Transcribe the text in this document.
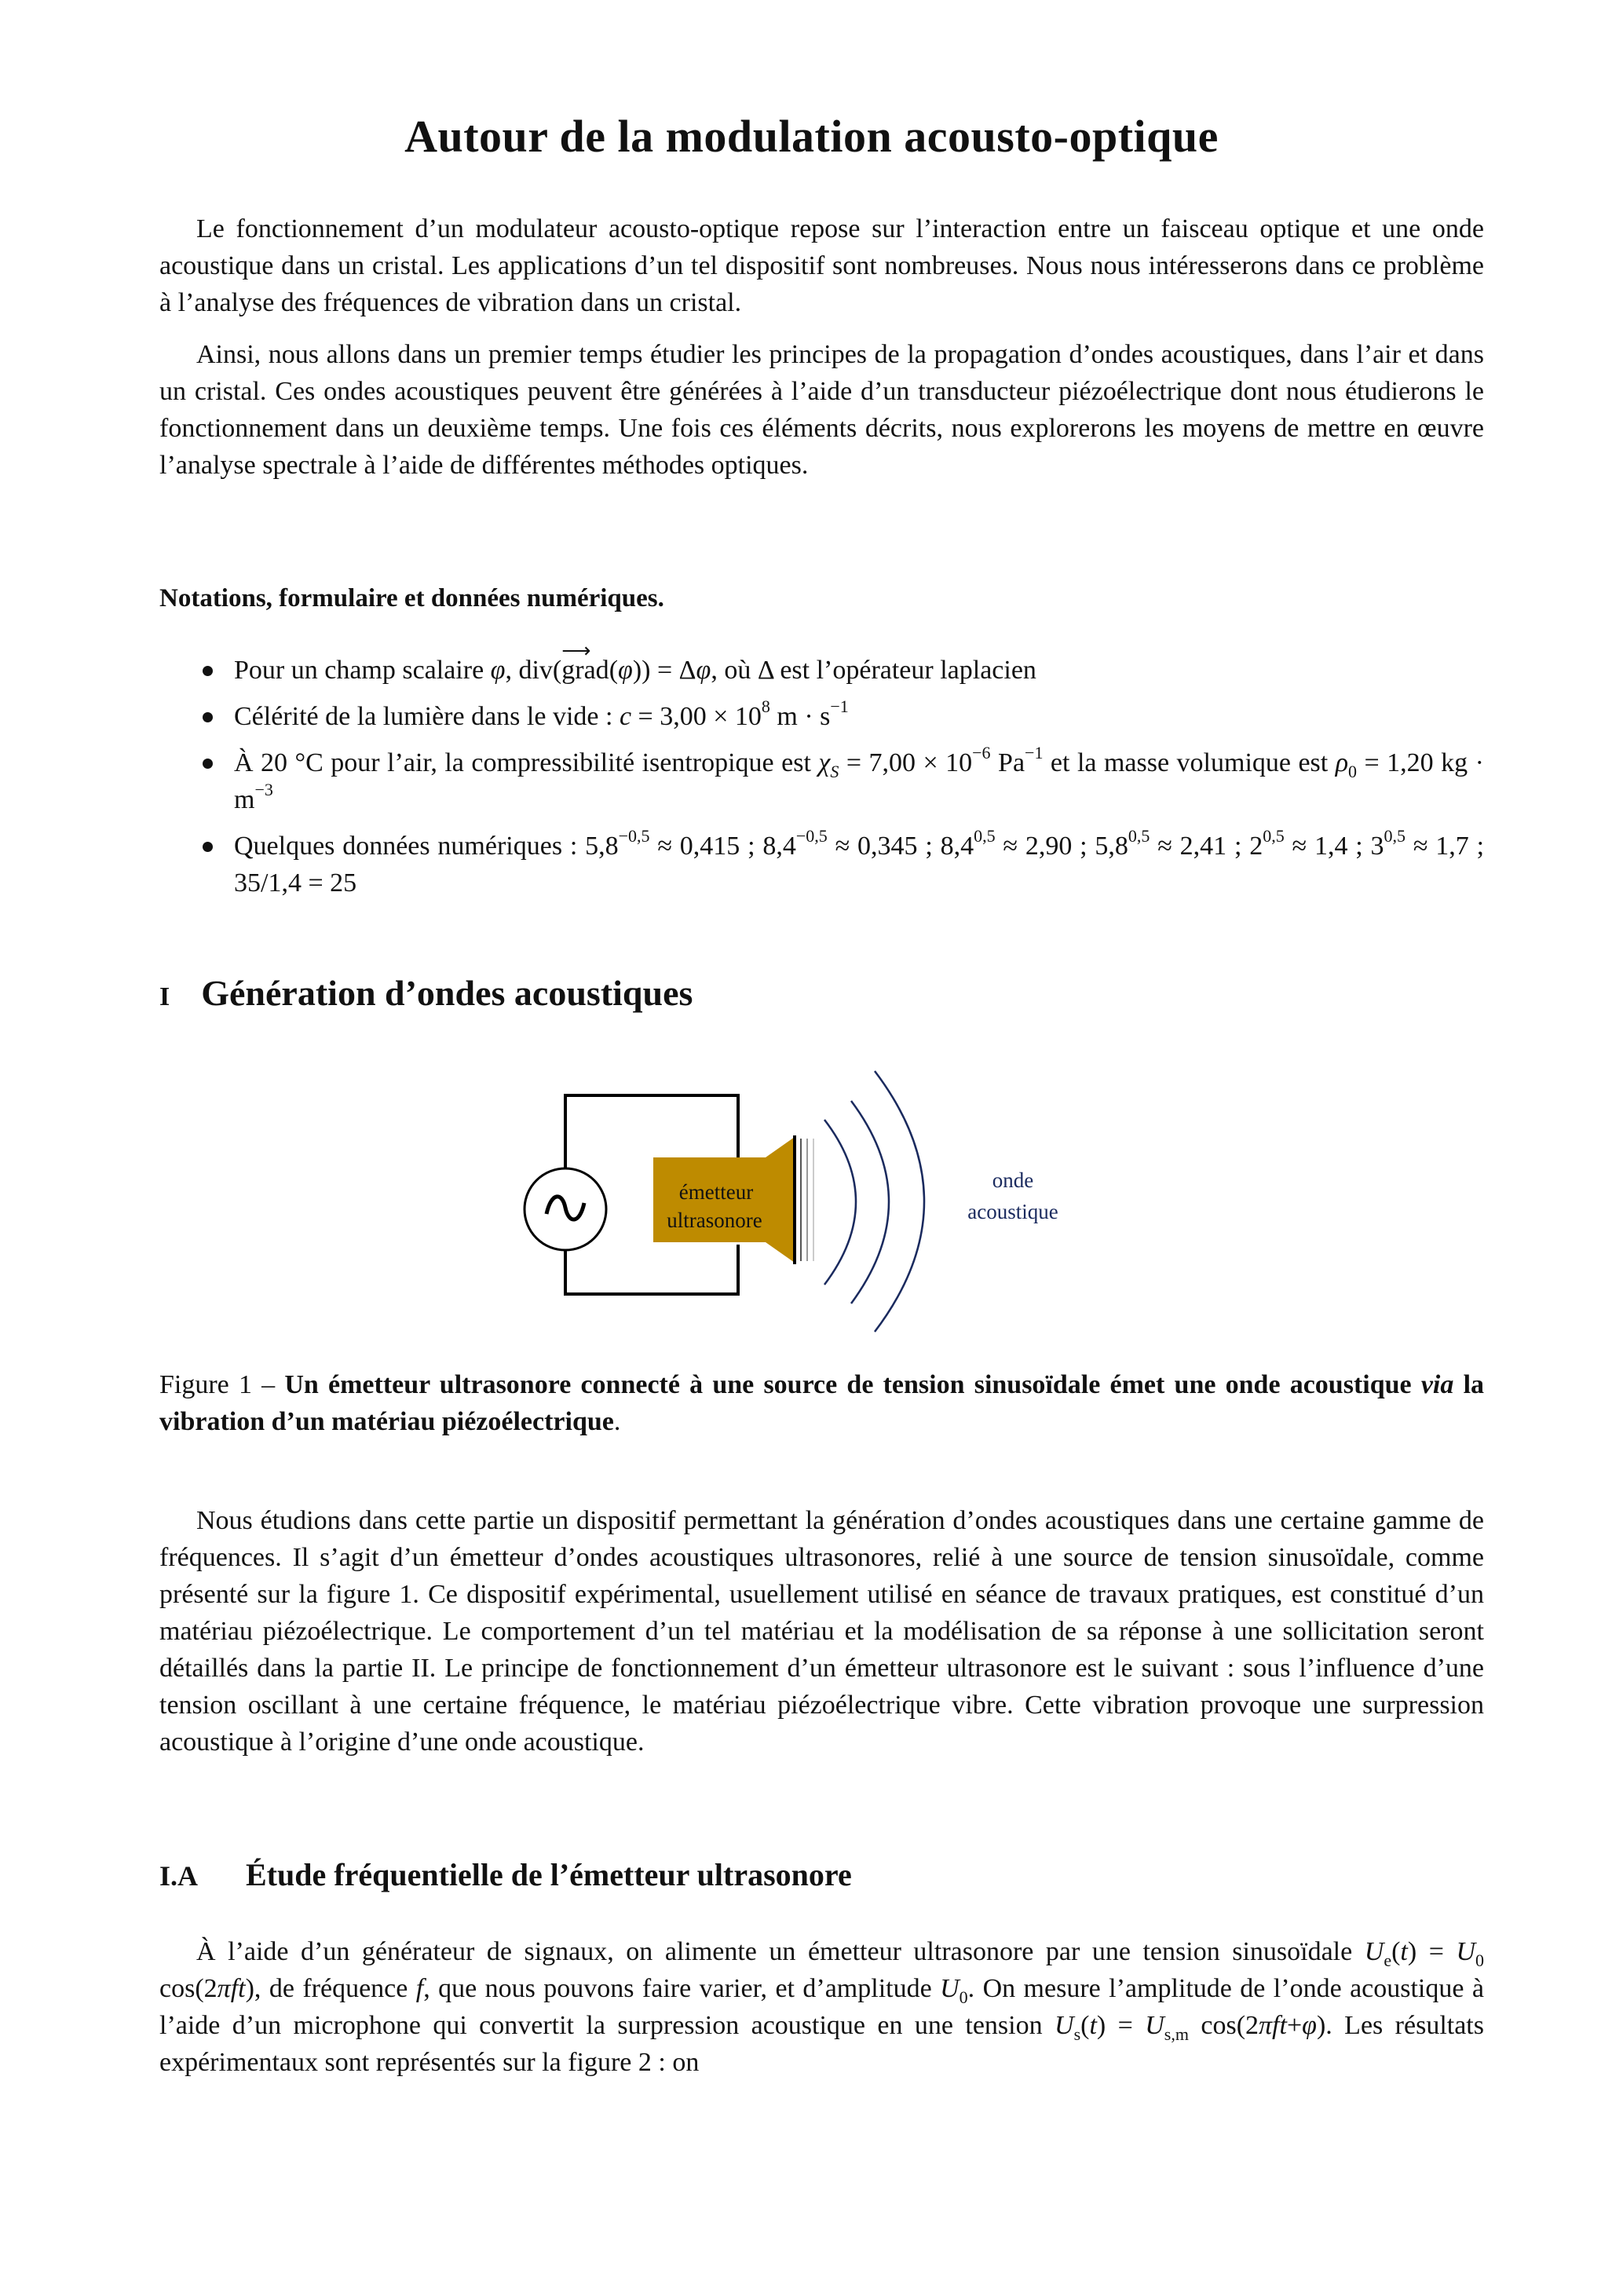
Autour de la modulation acousto-optique
Le fonctionnement d’un modulateur acousto-optique repose sur l’interaction entre un faisceau optique et une onde acoustique dans un cristal. Les applications d’un tel dispositif sont nombreuses. Nous nous intéresserons dans ce problème à l’analyse des fréquences de vibration dans un cristal.
Ainsi, nous allons dans un premier temps étudier les principes de la propagation d’ondes acoustiques, dans l’air et dans un cristal. Ces ondes acoustiques peuvent être générées à l’aide d’un transducteur piézoélectrique dont nous étudierons le fonctionnement dans un deuxième temps. Une fois ces éléments décrits, nous explorerons les moyens de mettre en œuvre l’analyse spectrale à l’aide de différentes méthodes optiques.
Notations, formulaire et données numériques.
Pour un champ scalaire φ, div(grad
⟶
(φ)) = Δφ, où Δ est l’opérateur laplacien
Célérité de la lumière dans le vide : $c = 3,00 \times 10^8$ $m \cdot s^{-1}$
À 20 °C pour l’air, la compressibilité isentropique est $\chi_S = 7,00 \times 10^{-6}$ $Pa^{-1}$ et la masse volumique est $\rho_0 = 1,20$ kg · $m^{-3}$
Quelques données numériques : $5,8^{-0,5} \approx 0,415$ ; $8,4^{-0,5} \approx 0,345$ ; $8,4^{0,5} \approx 2,90$ ; $5,8^{0,5} \approx 2,41$ ; $2^{0,5} \approx 1,4$ ; $3^{0,5} \approx 1,7$ ; 35/1,4 = 25
I Génération d’ondes acoustiques
émetteur
ultrasonore
onde
acoustique
Figure 1 – Un émetteur ultrasonore connecté à une source de tension sinusoïdale émet une onde acoustique via la vibration d’un matériau piézoélectrique.
Nous étudions dans cette partie un dispositif permettant la génération d’ondes acoustiques dans une certaine gamme de fréquences. Il s’agit d’un émetteur d’ondes acoustiques ultrasonores, relié à une source de tension sinusoïdale, comme présenté sur la figure 1. Ce dispositif expérimental, usuellement utilisé en séance de travaux pratiques, est constitué d’un matériau piézoélectrique. Le comportement d’un tel matériau et la modélisation de sa réponse à une sollicitation seront détaillés dans la partie II. Le principe de fonctionnement d’un émetteur ultrasonore est le suivant : sous l’influence d’une tension oscillant à une certaine fréquence, le matériau piézoélectrique vibre. Cette vibration provoque une surpression acoustique à l’origine d’une onde acoustique.
I.A Étude fréquentielle de l’émetteur ultrasonore
À l’aide d’un générateur de signaux, on alimente un émetteur ultrasonore par une tension sinusoïdale $U_e(t) = U_0$ cos(2πft), de fréquence f, que nous pouvons faire varier, et d’amplitude $U_0$. On mesure l’amplitude de l’onde acoustique à l’aide d’un microphone qui convertit la surpression acoustique en une tension $U_s(t) = U_{s,m}$ cos(2πft+φ). Les résultats expérimentaux sont représentés sur la figure 2 : on
